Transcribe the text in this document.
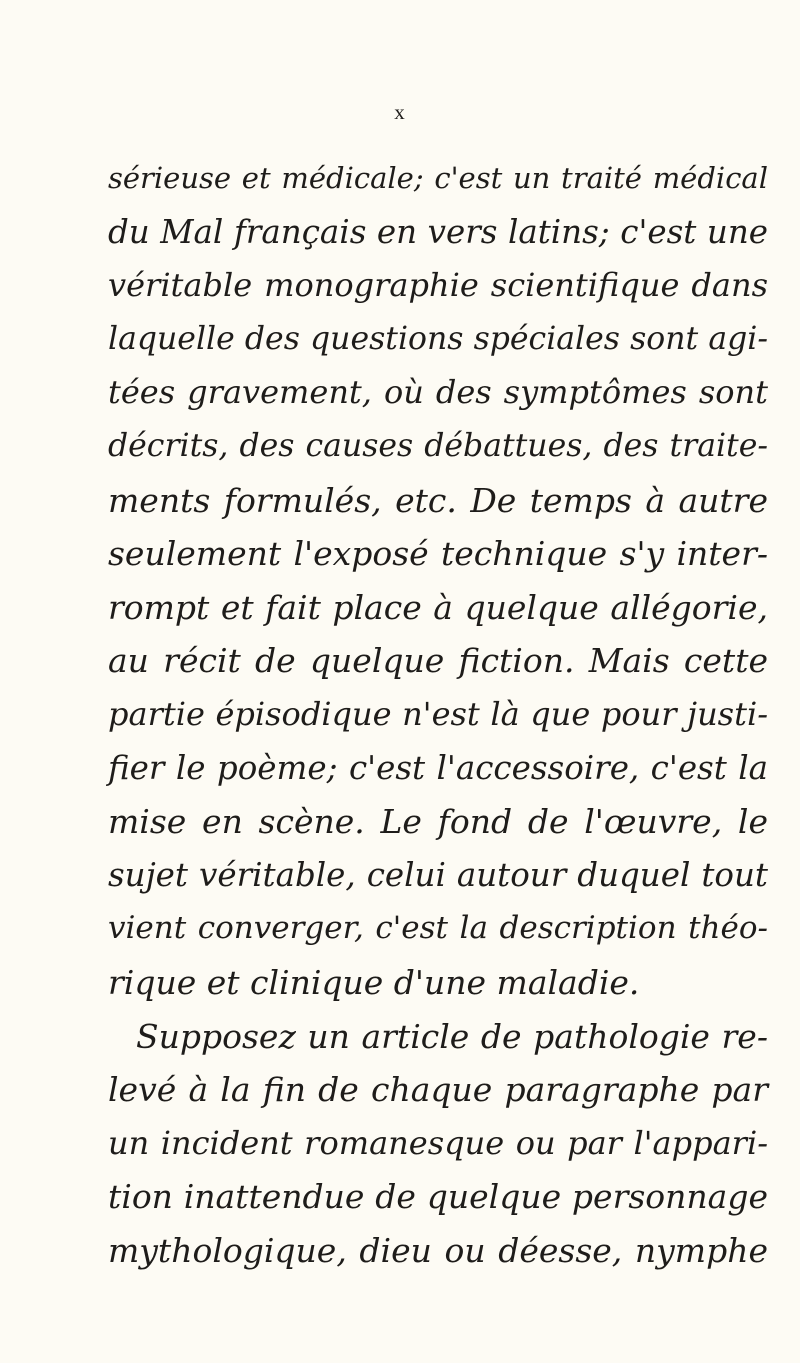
x
sérieuse et médicale; c'est un traité médical
du Mal français en vers latins; c'est une
véritable monographie scientifique dans
laquelle des questions spéciales sont agi-
tées gravement, où des symptômes sont
décrits, des causes débattues, des traite-
ments formulés, etc. De temps à autre
seulement l'exposé technique s'y inter-
rompt et fait place à quelque allégorie,
au récit de quelque fiction. Mais cette
partie épisodique n'est là que pour justi-
fier le poème; c'est l'accessoire, c'est la
mise en scène. Le fond de l'œuvre, le
sujet véritable, celui autour duquel tout
vient converger, c'est la description théo-
rique et clinique d'une maladie.
Supposez un article de pathologie re-
levé à la fin de chaque paragraphe par
un incident romanesque ou par l'appari-
tion inattendue de quelque personnage
mythologique, dieu ou déesse, nymphe
